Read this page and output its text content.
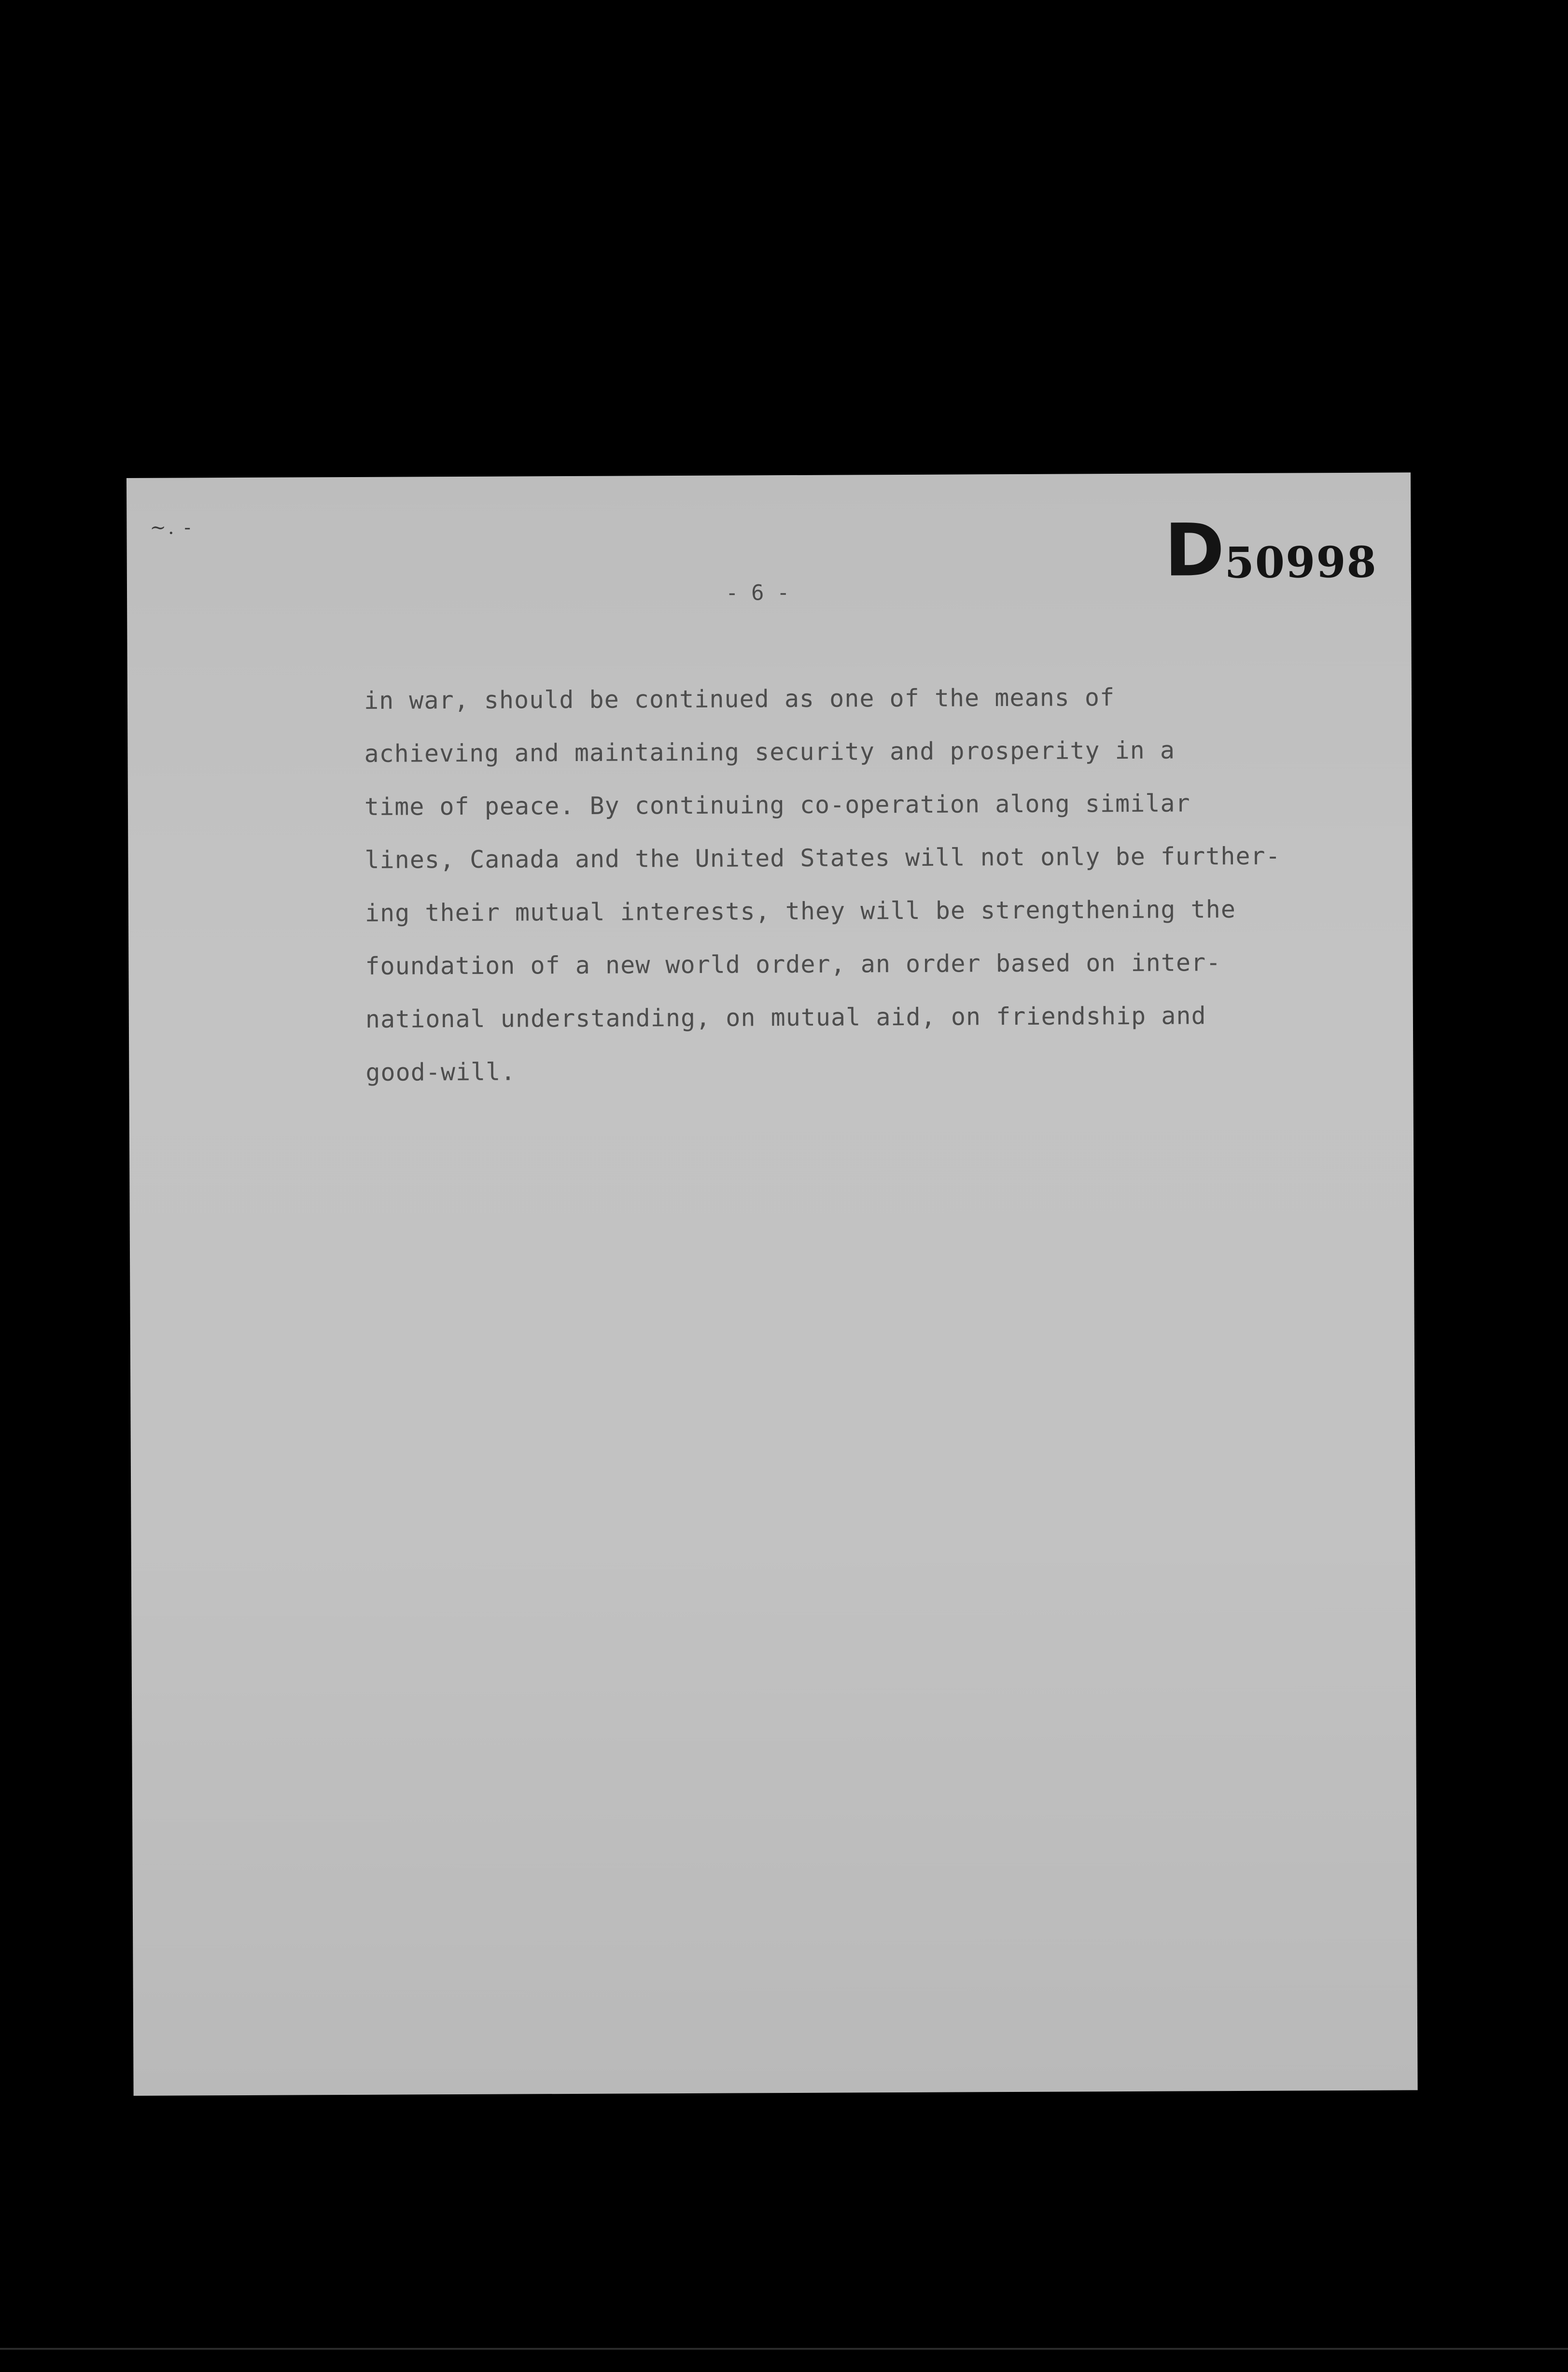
~. -	D50998
- 6 -
in war, should be continued as one of the means of
achieving and maintaining security and prosperity in a
time of peace. By continuing co-operation along similar
lines, Canada and the United States will not only be further-
ing their mutual interests, they will be strengthening the
foundation of a new world order, an order based on inter-
national understanding, on mutual aid, on friendship and
good-will.
